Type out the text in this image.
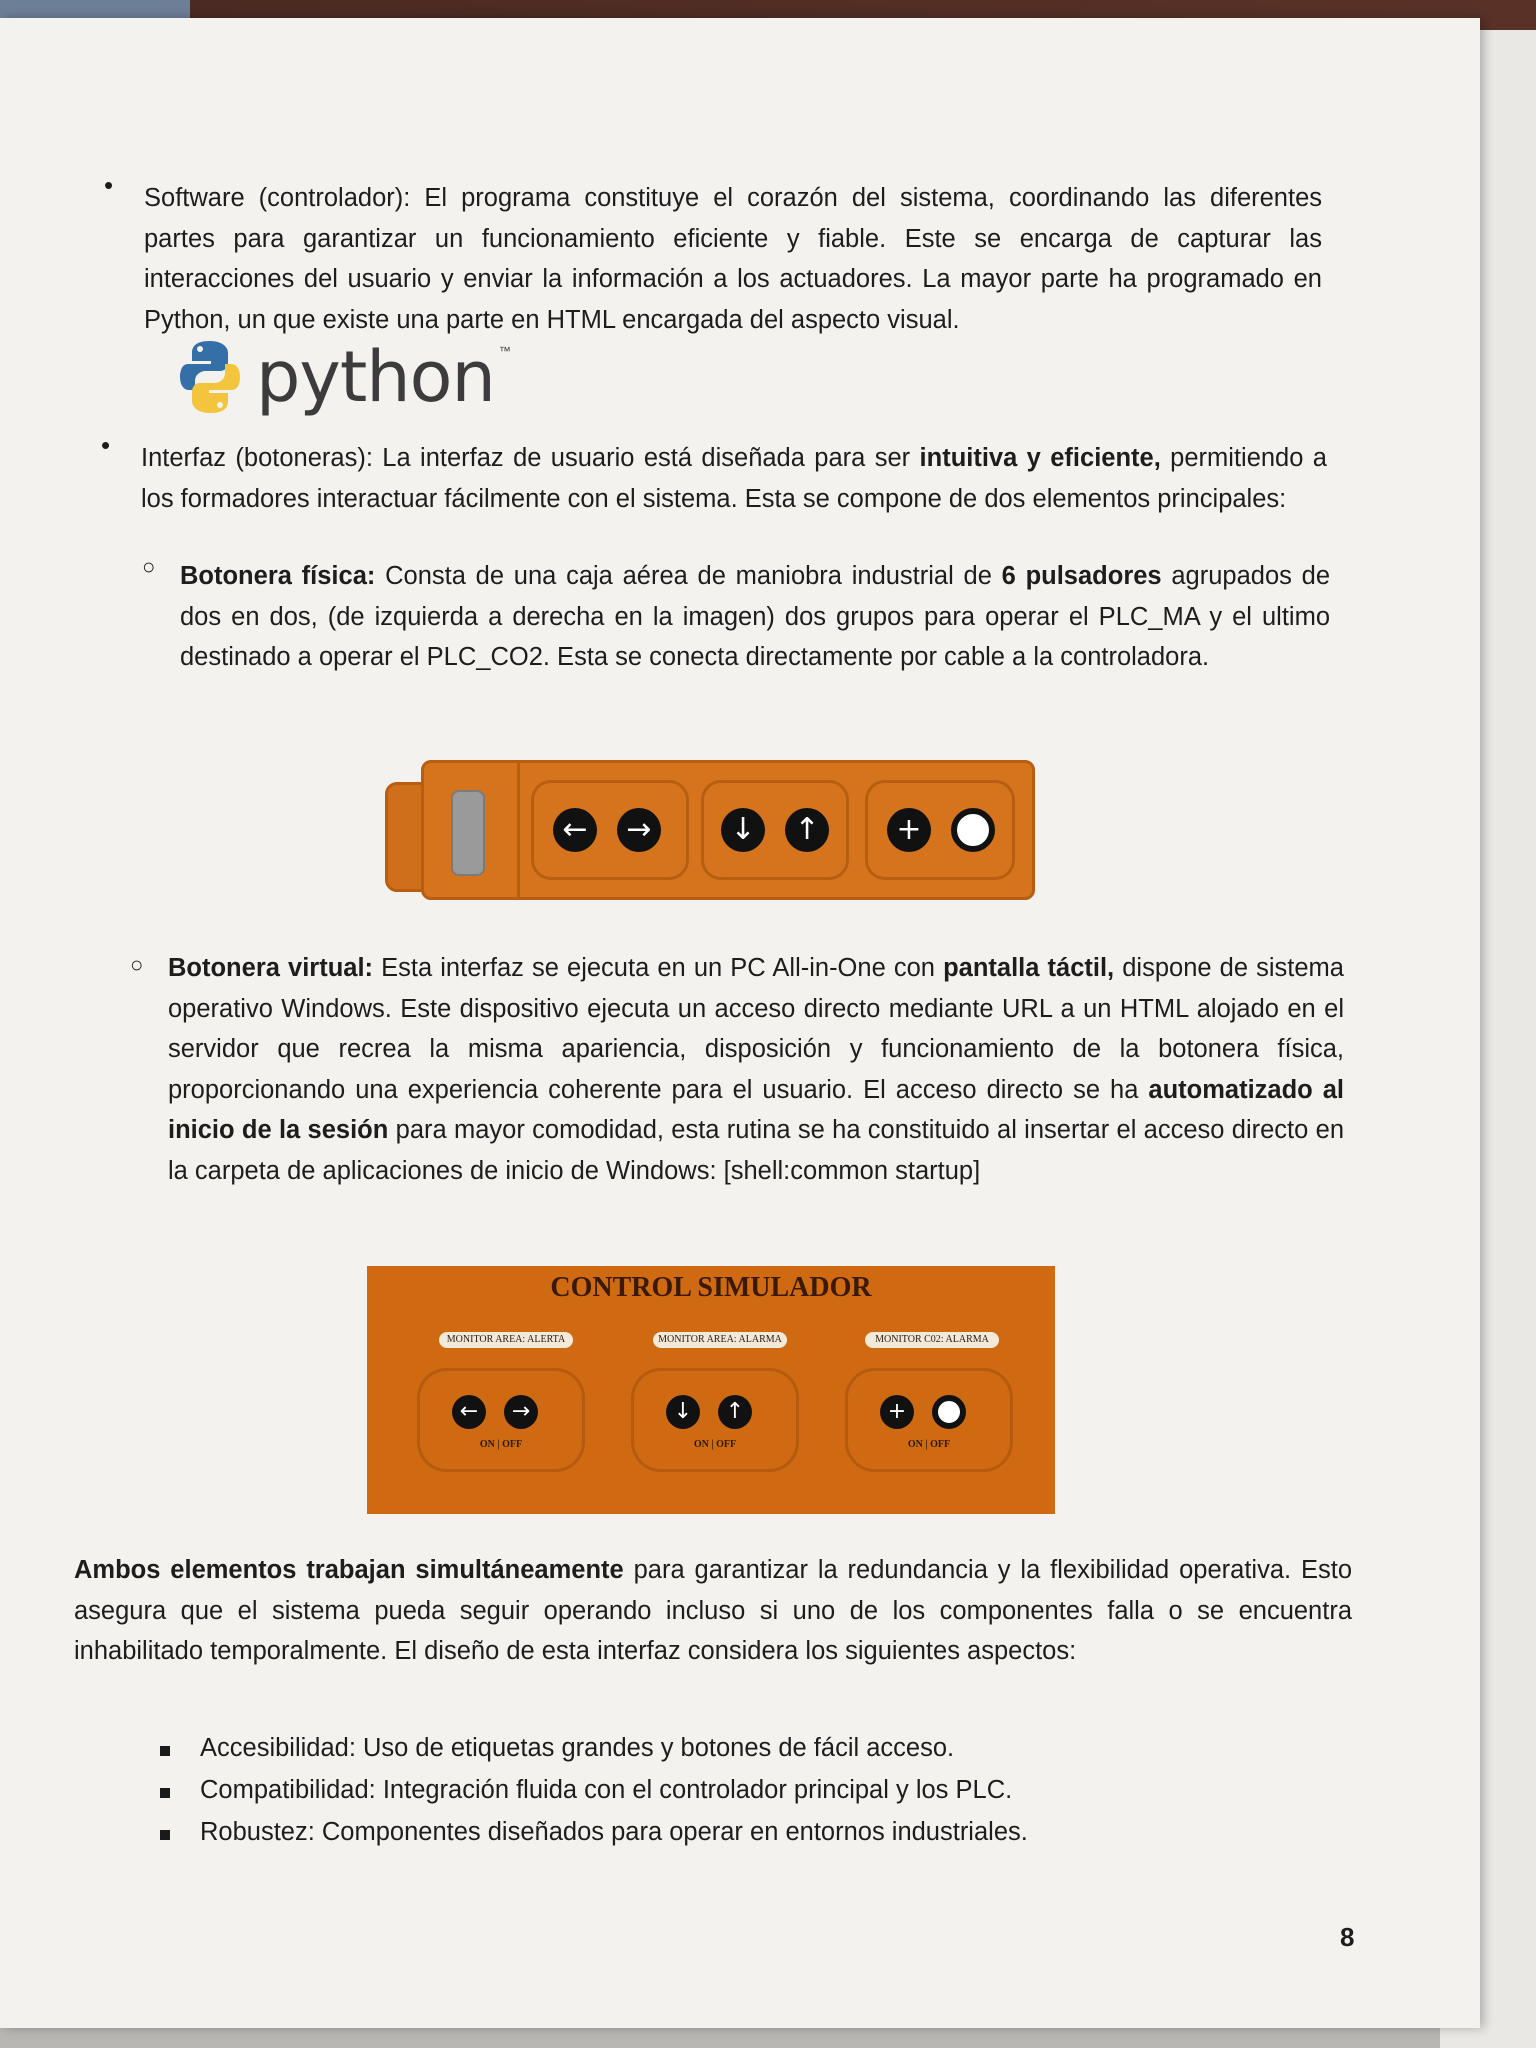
• Software (controlador): El programa constituye el corazón del sistema, coordinando las diferentes partes para garantizar un funcionamiento eficiente y fiable. Este se encarga de capturar las interacciones del usuario y enviar la información a los actuadores. La mayor parte ha programado en Python, un que existe una parte en HTML encargada del aspecto visual.
python ™
• Interfaz (botoneras): La interfaz de usuario está diseñada para ser intuitiva y eficiente, permitiendo a los formadores interactuar fácilmente con el sistema. Esta se compone de dos elementos principales:
○ Botonera física: Consta de una caja aérea de maniobra industrial de 6 pulsadores agrupados de dos en dos, (de izquierda a derecha en la imagen) dos grupos para operar el PLC_MA y el ultimo destinado a operar el PLC_CO2. Esta se conecta directamente por cable a la controladora.
←	→	↓	↑	+
○ Botonera virtual: Esta interfaz se ejecuta en un PC All-in-One con pantalla táctil, dispone de sistema operativo Windows. Este dispositivo ejecuta un acceso directo mediante URL a un HTML alojado en el servidor que recrea la misma apariencia, disposición y funcionamiento de la botonera física, proporcionando una experiencia coherente para el usuario. El acceso directo se ha automatizado al inicio de la sesión para mayor comodidad, esta rutina se ha constituido al insertar el acceso directo en la carpeta de aplicaciones de inicio de Windows: [shell:common startup]
CONTROL SIMULADOR
MONITOR AREA: ALERTA	MONITOR AREA: ALARMA	MONITOR C02: ALARMA
←	→
ON | OFF
↓	↑
ON | OFF
+
ON | OFF
Ambos elementos trabajan simultáneamente para garantizar la redundancia y la flexibilidad operativa. Esto asegura que el sistema pueda seguir operando incluso si uno de los componentes falla o se encuentra inhabilitado temporalmente. El diseño de esta interfaz considera los siguientes aspectos:
Accesibilidad: Uso de etiquetas grandes y botones de fácil acceso.
Compatibilidad: Integración fluida con el controlador principal y los PLC.
Robustez: Componentes diseñados para operar en entornos industriales.
8
